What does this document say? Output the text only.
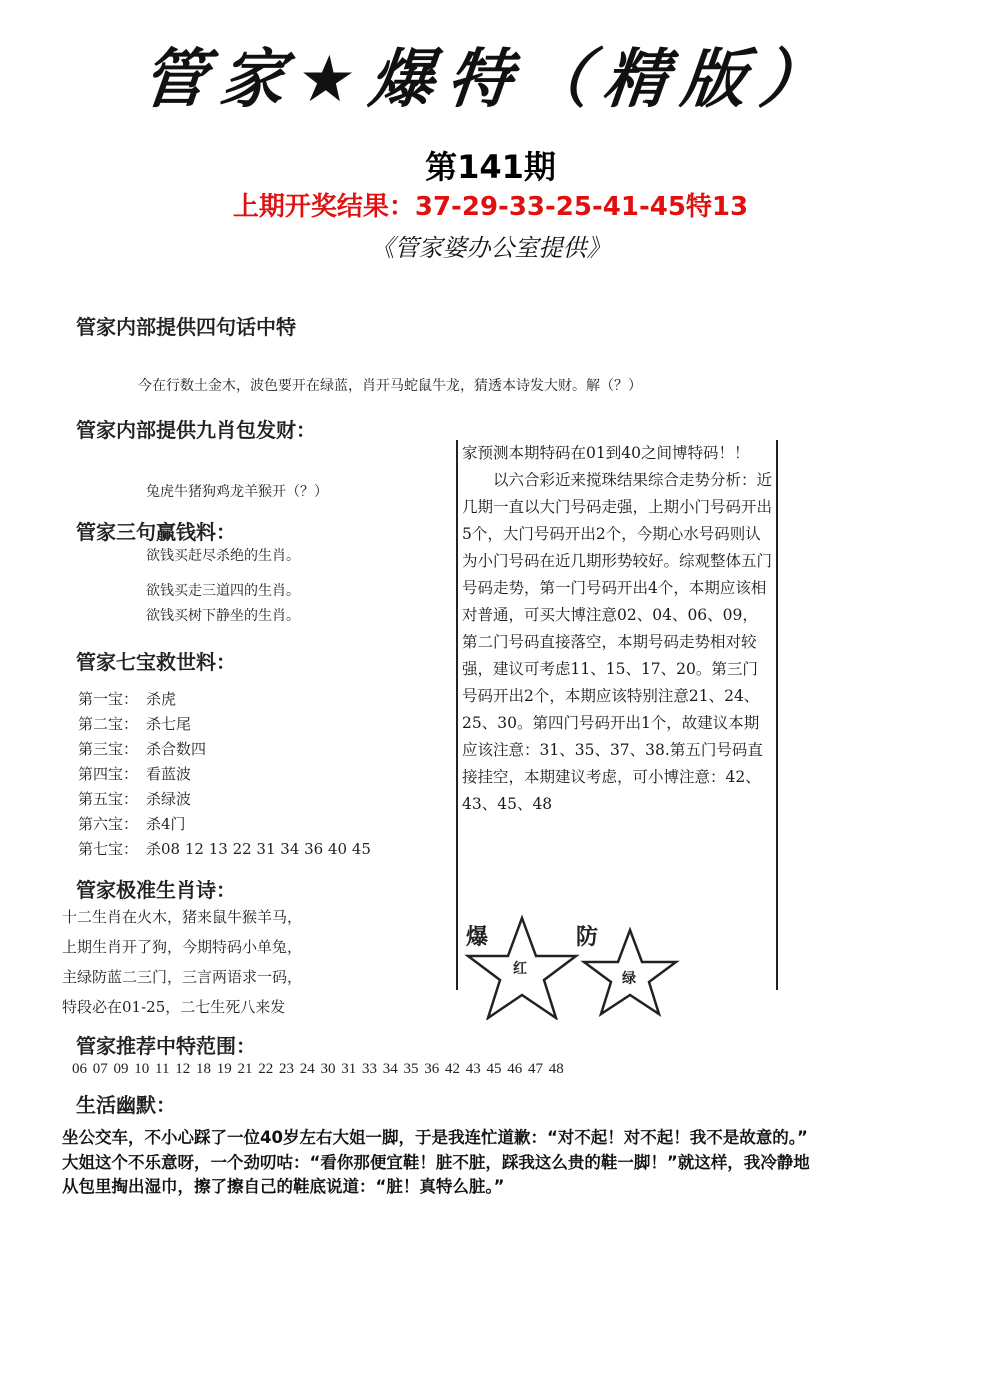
管家★爆特（精版）
第141期
上期开奖结果：37-29-33-25-41-45特13
《管家婆办公室提供》
管家内部提供四句话中特
今在行数土金木，波色要开在绿蓝，肖开马蛇鼠牛龙，猜透本诗发大财。解（？）
管家内部提供九肖包发财：
兔虎牛猪狗鸡龙羊猴开（？）
管家三句赢钱料：
欲钱买赶尽杀绝的生肖。
欲钱买走三道四的生肖。
欲钱买树下静坐的生肖。
管家七宝救世料：
第一宝： 杀虎
第二宝： 杀七尾
第三宝： 杀合数四
第四宝： 看蓝波
第五宝： 杀绿波
第六宝： 杀4门
第七宝： 杀08 12 13 22 31 34 36 40 45
管家极准生肖诗：
十二生肖在火木，猪来鼠牛猴羊马，
上期生肖开了狗，今期特码小单兔，
主绿防蓝二三门，三言两语求一码，
特段必在01-25，二七生死八来发

家预测本期特码在01到40之间博特码！！

以六合彩近来搅珠结果综合走势分析：近几期一直以大门号码走强，上期小门号码开出5个，大门号码开出2个，今期心水号码则认为小门号码在近几期形势较好。综观整体五门号码走势，第一门号码开出4个，本期应该相对普通，可买大博注意02、04、06、09，第二门号码直接落空，本期号码走势相对较强，建议可考虑11、15、17、20。第三门号码开出2个，本期应该特别注意21、24、25、30。第四门号码开出1个，故建议本期应该注意：31、35、37、38.第五门号码直接挂空，本期建议考虑，可小博注意：42、43、45、48

爆
红
防
绿
管家推荐中特范围：
06 07 09 10 11 12 18 19 21 22 23 24 30 31 33 34 35 36 42 43 45 46 47 48
生活幽默：
坐公交车，不小心踩了一位40岁左右大姐一脚，于是我连忙道歉：“对不起！对不起！我不是故意的。”
大姐这个不乐意呀，一个劲叨咕：“看你那便宜鞋！脏不脏，踩我这么贵的鞋一脚！”就这样，我冷静地
从包里掏出湿巾，擦了擦自己的鞋底说道：“脏！真特么脏。”
